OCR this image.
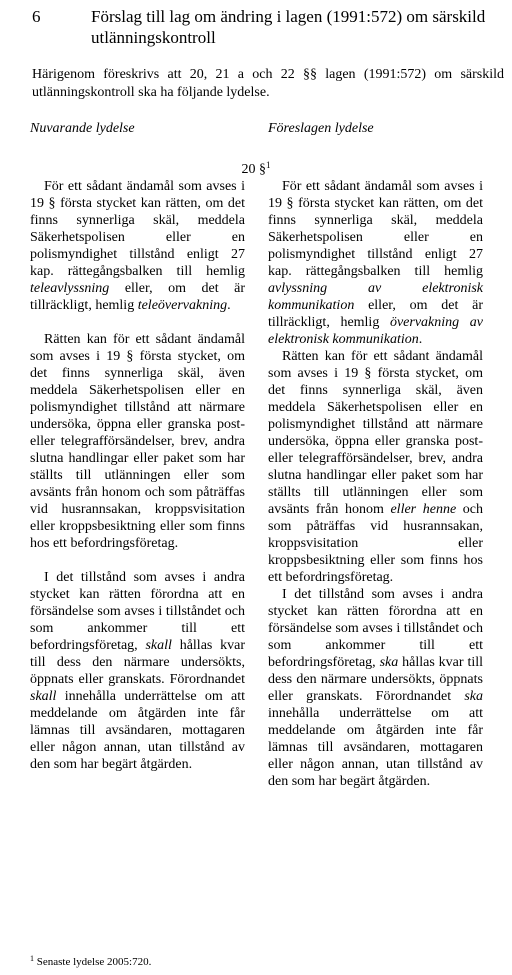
6	Förslag till lag om ändring i lagen (1991:572) om särskild utlänningskontroll
Härigenom föreskrivs att 20, 21 a och 22 §§ lagen (1991:572) om särskild utlänningskontroll ska ha följande lydelse.
Nuvarande lydelse	Föreslagen lydelse
20 §$^1$

För ett sådant ändamål som avses i 19 § första stycket kan rätten, om det finns synnerliga skäl, meddela Säkerhetspolisen eller en polismyndighet tillstånd enligt 27 kap. rättegångsbalken till hemlig teleavlyssning eller, om det är tillräckligt, hemlig teleövervakning.

Rätten kan för ett sådant ändamål som avses i 19 § första stycket, om det finns synnerliga skäl, även meddela Säkerhetspolisen eller en polismyndighet tillstånd att närmare undersöka, öppna eller granska post- eller telegrafförsändelser, brev, andra slutna handlingar eller paket som har ställts till utlänningen eller som avsänts från honom och som påträffas vid husrannsakan, kroppsvisitation eller kroppsbesiktning eller som finns hos ett befordringsföretag.

I det tillstånd som avses i andra stycket kan rätten förordna att en försändelse som avses i tillståndet och som ankommer till ett befordringsföretag, skall hållas kvar till dess den närmare undersökts, öppnats eller granskats. Förordnandet skall innehålla underrättelse om att meddelande om åtgärden inte får lämnas till avsändaren, mottagaren eller någon annan, utan tillstånd av den som har begärt åtgärden.

För ett sådant ändamål som avses i 19 § första stycket kan rätten, om det finns synnerliga skäl, meddela Säkerhetspolisen eller en polismyndighet tillstånd enligt 27 kap. rättegångsbalken till hemlig avlyssning av elektronisk kommunikation eller, om det är tillräckligt, hemlig övervakning av elektronisk kommunikation.

Rätten kan för ett sådant ändamål som avses i 19 § första stycket, om det finns synnerliga skäl, även meddela Säkerhetspolisen eller en polismyndighet tillstånd att närmare undersöka, öppna eller granska post- eller telegrafförsändelser, brev, andra slutna handlingar eller paket som har ställts till utlänningen eller som avsänts från honom eller henne och som påträffas vid husrannsakan, kroppsvisitation eller kroppsbesiktning eller som finns hos ett befordringsföretag.

I det tillstånd som avses i andra stycket kan rätten förordna att en försändelse som avses i tillståndet och som ankommer till ett befordringsföretag, ska hållas kvar till dess den närmare undersökts, öppnats eller granskats. Förordnandet ska innehålla underrättelse om att meddelande om åtgärden inte får lämnas till avsändaren, mottagaren eller någon annan, utan tillstånd av den som har begärt åtgärden.

$^1$ Senaste lydelse 2005:720.
